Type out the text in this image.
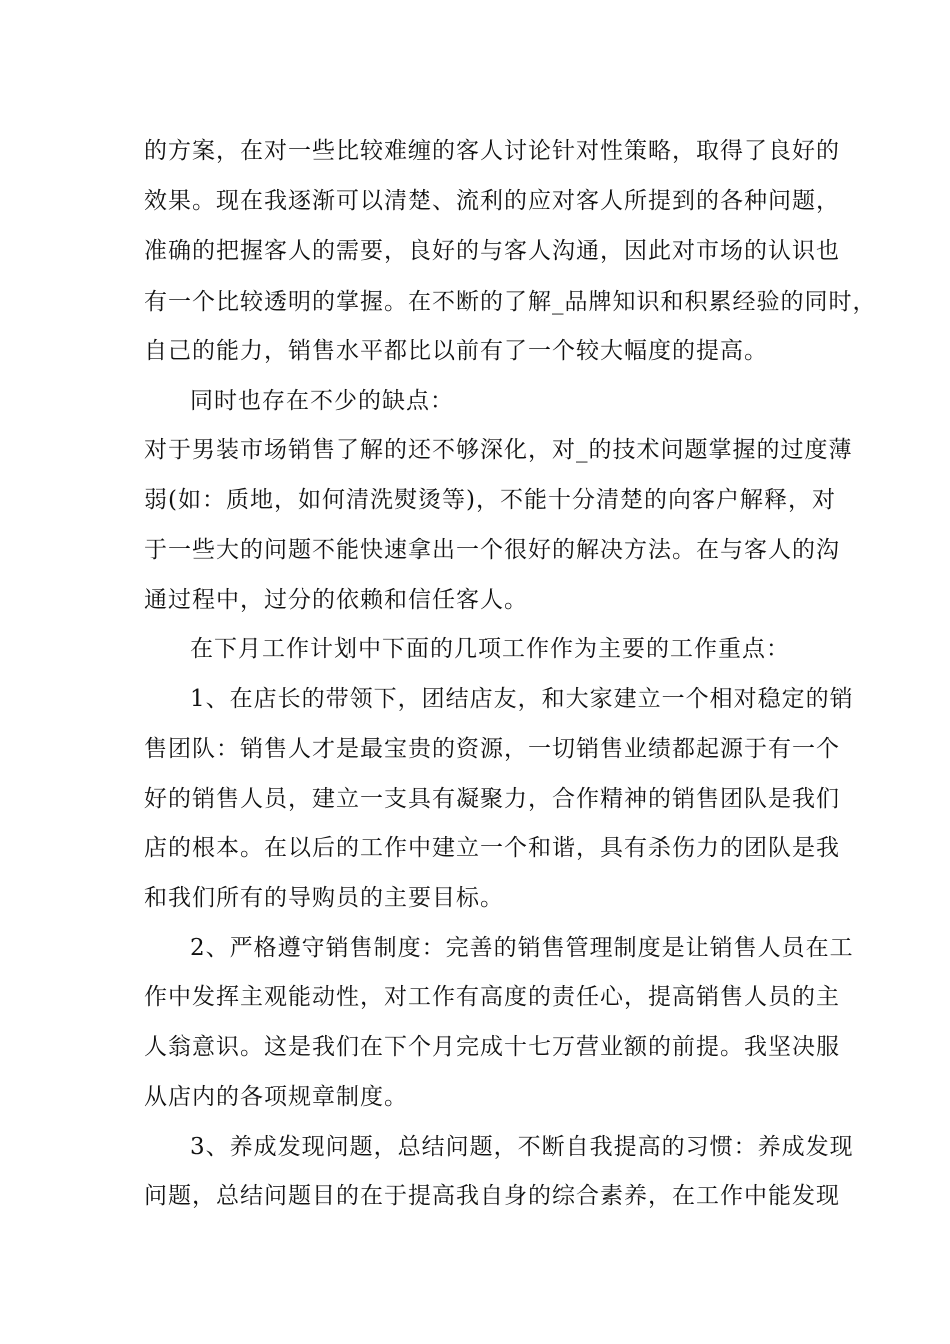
的方案，在对一些比较难缠的客人讨论针对性策略，取得了良好的
效果。现在我逐渐可以清楚、流利的应对客人所提到的各种问题，
准确的把握客人的需要，良好的与客人沟通，因此对市场的认识也
有一个比较透明的掌握。在不断的了解_品牌知识和积累经验的同时，
自己的能力，销售水平都比以前有了一个较大幅度的提高。
同时也存在不少的缺点：
对于男装市场销售了解的还不够深化，对_的技术问题掌握的过度薄
弱(如：质地，如何清洗熨烫等)，不能十分清楚的向客户解释，对
于一些大的问题不能快速拿出一个很好的解决方法。在与客人的沟
通过程中，过分的依赖和信任客人。
在下月工作计划中下面的几项工作作为主要的工作重点：
1、在店长的带领下，团结店友，和大家建立一个相对稳定的销
售团队：销售人才是最宝贵的资源，一切销售业绩都起源于有一个
好的销售人员，建立一支具有凝聚力，合作精神的销售团队是我们
店的根本。在以后的工作中建立一个和谐，具有杀伤力的团队是我
和我们所有的导购员的主要目标。
2、严格遵守销售制度：完善的销售管理制度是让销售人员在工
作中发挥主观能动性，对工作有高度的责任心，提高销售人员的主
人翁意识。这是我们在下个月完成十七万营业额的前提。我坚决服
从店内的各项规章制度。
3、养成发现问题，总结问题，不断自我提高的习惯：养成发现
问题，总结问题目的在于提高我自身的综合素养，在工作中能发现
